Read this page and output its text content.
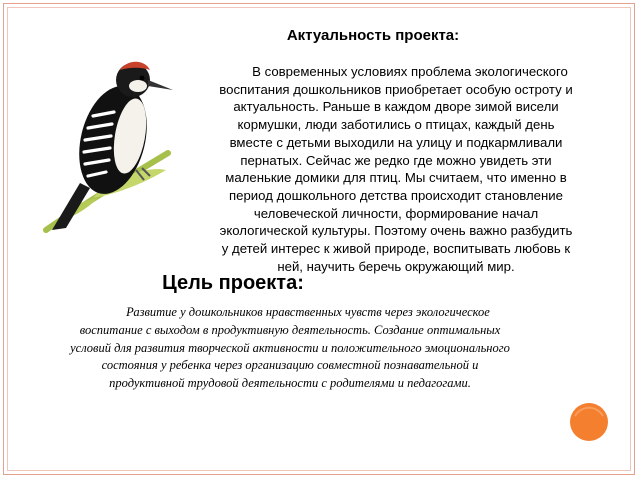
Актуальность проекта:
В современных условиях проблема экологического
воспитания дошкольников приобретает особую остроту и
актуальность. Раньше в каждом дворе зимой висели
кормушки, люди заботились о птицах, каждый день
вместе с детьми выходили на улицу и подкармливали
пернатых. Сейчас же редко где можно увидеть эти
маленькие домики для птиц. Мы считаем, что именно в
период дошкольного детства происходит становление
человеческой личности, формирование начал
экологической культуры. Поэтому очень важно разбудить
у детей интерес к живой природе, воспитывать любовь к
ней, научить беречь окружающий мир.
Цель проекта:
Развитие у дошкольников нравственных чувств через экологическое
воспитание с выходом в продуктивную деятельность. Создание оптимальных
условий для развития творческой активности и положительного эмоционального
состояния у ребенка через организацию совместной познавательной и
продуктивной трудовой деятельности с родителями и педагогами.
